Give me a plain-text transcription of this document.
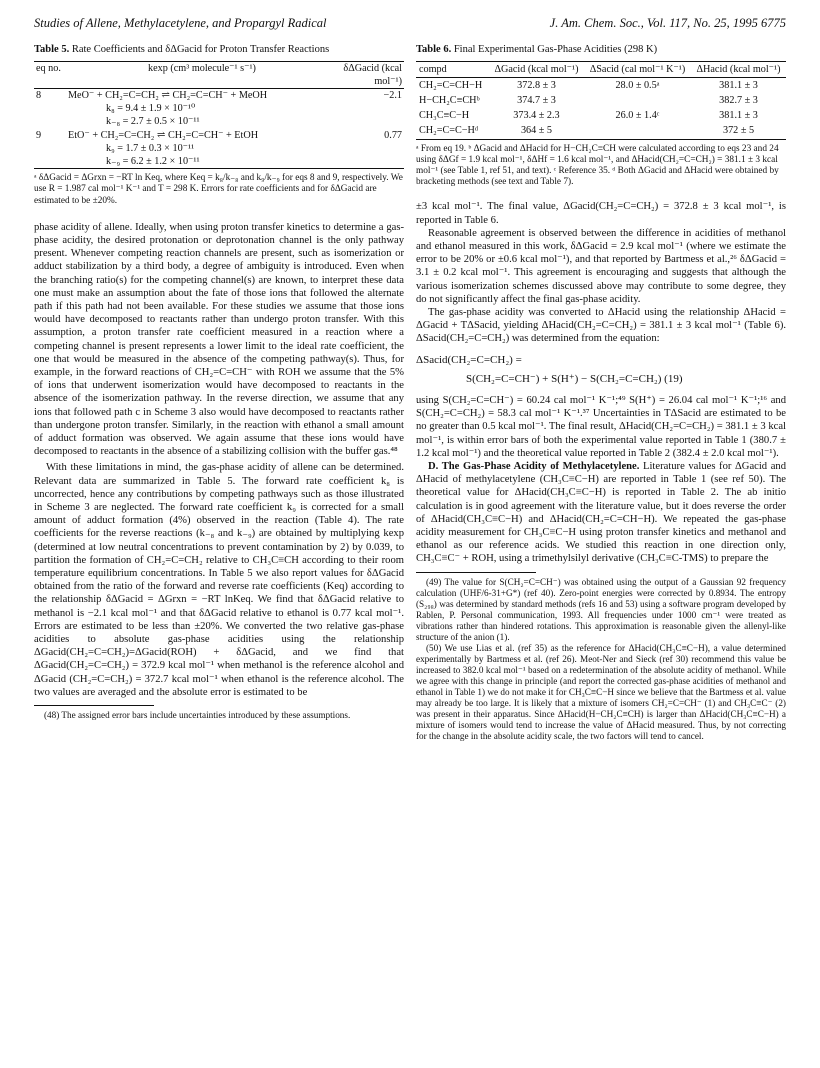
Studies of Allene, Methylacetylene, and Propargyl Radical	J. Am. Chem. Soc., Vol. 117, No. 25, 1995 6775
Table 5. Rate Coefficients and δΔGacid for Proton Transfer Reactions
eq no.	kexp (cm³ molecule⁻¹ s⁻¹)	δΔGacid (kcal mol⁻¹)
8	MeO⁻ + CH₂=C=CH₂ ⇌ CH₂=C=CH⁻ + MeOH	−2.1
	k₈ = 9.4 ± 1.9 × 10⁻¹⁰	
	k₋₈ = 2.7 ± 0.5 × 10⁻¹¹	
9	EtO⁻ + CH₂=C=CH₂ ⇌ CH₂=C=CH⁻ + EtOH	0.77
	k₉ = 1.7 ± 0.3 × 10⁻¹¹	
	k₋₉ = 6.2 ± 1.2 × 10⁻¹¹	
ᵃ δΔGacid = ΔGrxn = −RT ln Keq, where Keq = k₈/k₋₈ and k₉/k₋₉ for eqs 8 and 9, respectively. We use R = 1.987 cal mol⁻¹ K⁻¹ and T = 298 K. Errors for rate coefficients and for δΔGacid are estimated to be ±20%.

phase acidity of allene. Ideally, when using proton transfer kinetics to determine a gas-phase acidity, the desired protonation or deprotonation channel is the only pathway present. Whenever competing reaction channels are present, such as isomerization or adduct stabilization by a third body, a degree of ambiguity is introduced. Even when the branching ratio(s) for the competing channel(s) are known, to interpret these data one must make an assumption about the fate of those ions that followed the alternate path if this path had not been available. For these studies we assume that those ions would have decomposed to reactants rather than undergo proton transfer. With this assumption, a proton transfer rate coefficient measured in a reaction where a competing channel is present represents a lower limit to the ideal rate coefficient, the one that would be measured in the absence of the competing pathway(s). Thus, for example, in the forward reactions of CH₂=C=CH⁻ with ROH we assume that the 5% of ions that underwent isomerization would have decomposed to reactants in the absence of the isomerization pathway. In the reverse direction, we assume that any ions that followed path c in Scheme 3 also would have decomposed to reactants rather than undergone proton transfer. Similarly, in the reaction with ethanol a small amount of adduct formation was observed. We again assume that these ions would have decomposed to reactants in the absence of a stabilizing collision with the buffer gas.⁴⁸

With these limitations in mind, the gas-phase acidity of allene can be determined. Relevant data are summarized in Table 5. The forward rate coefficient k₈ is uncorrected, hence any contributions by competing pathways such as those illustrated in Scheme 3 are neglected. The forward rate coefficient k₉ is corrected for a small amount of adduct formation (4%) observed in the reaction (Table 4). The rate coefficients for the reverse reactions (k₋₈ and k₋₉) are obtained by multiplying kexp (determined at low neutral concentrations to prevent contamination by 2) by 0.039, to partition the formation of CH₂=C=CH₂ relative to CH₃C≡CH according to their room temperature equilibrium concentrations. In Table 5 we also report values for δΔGacid obtained from the ratio of the forward and reverse rate coefficients (Keq) according to the relationship δΔGacid = ΔGrxn = −RT lnKeq. We find that δΔGacid relative to methanol is −2.1 kcal mol⁻¹ and that δΔGacid relative to ethanol is 0.77 kcal mol⁻¹. Errors are estimated to be less than ±20%. We converted the two relative gas-phase acidities to absolute gas-phase acidities using the relationship ΔGacid(CH₂=C=CH₂)=ΔGacid(ROH) + δΔGacid, and we find that ΔGacid(CH₂=C=CH₂) = 372.9 kcal mol⁻¹ when methanol is the reference alcohol and ΔGacid (CH₂=C=CH₂) = 372.7 kcal mol⁻¹ when ethanol is the reference alcohol. The two values are averaged and the absolute error is estimated to be

(48) The assigned error bars include uncertainties introduced by these assumptions.

Table 6. Final Experimental Gas-Phase Acidities (298 K)
compd	ΔGacid (kcal mol⁻¹)	ΔSacid (cal mol⁻¹ K⁻¹)	ΔHacid (kcal mol⁻¹)
CH₂=C=CH−H	372.8 ± 3	28.0 ± 0.5ᵃ	381.1 ± 3
H−CH₂C≡CHᵇ	374.7 ± 3		382.7 ± 3
CH₃C≡C−H	373.4 ± 2.3	26.0 ± 1.4ᶜ	381.1 ± 3
CH₂=C=C−Hᵈ	364 ± 5		372 ± 5
ᵃ From eq 19. ᵇ ΔGacid and ΔHacid for H−CH₂C≡CH were calculated according to eqs 23 and 24 using δΔGf = 1.9 kcal mol⁻¹, δΔHf = 1.6 kcal mol⁻¹, and ΔHacid(CH₂=C=CH₂) = 381.1 ± 3 kcal mol⁻¹ (see Table 1, ref 51, and text). ᶜ Reference 35. ᵈ Both ΔGacid and ΔHacid were obtained by bracketing methods (see text and Table 7).

±3 kcal mol⁻¹. The final value, ΔGacid(CH₂=C=CH₂) = 372.8 ± 3 kcal mol⁻¹, is reported in Table 6.

Reasonable agreement is observed between the difference in acidities of methanol and ethanol measured in this work, δΔGacid = 2.9 kcal mol⁻¹ (where we estimate the error to be 20% or ±0.6 kcal mol⁻¹), and that reported by Bartmess et al.,²⁶ δΔGacid = 3.1 ± 0.2 kcal mol⁻¹. This agreement is encouraging and suggests that although the various isomerization schemes discussed above may contribute to some degree, they do not significantly affect the final gas-phase acidity.

The gas-phase acidity was converted to ΔHacid using the relationship ΔHacid = ΔGacid + TΔSacid, yielding ΔHacid(CH₂=C=CH₂) = 381.1 ± 3 kcal mol⁻¹ (Table 6). ΔSacid(CH₂=C=CH₂) was determined from the equation:

ΔSacid(CH₂=C=CH₂) =
S(CH₂=C=CH⁻) + S(H⁺) − S(CH₂=C=CH₂) (19)

using S(CH₂=C=CH⁻) = 60.24 cal mol⁻¹ K⁻¹;⁴⁹ S(H⁺) = 26.04 cal mol⁻¹ K⁻¹;¹⁶ and S(CH₂=C=CH₂) = 58.3 cal mol⁻¹ K⁻¹.³⁷ Uncertainties in TΔSacid are estimated to be no greater than 0.5 kcal mol⁻¹. The final result, ΔHacid(CH₂=C=CH₂) = 381.1 ± 3 kcal mol⁻¹, is within error bars of both the experimental value reported in Table 1 (380.7 ± 1.2 kcal mol⁻¹) and the theoretical value reported in Table 2 (382.4 ± 2.0 kcal mol⁻¹).

D. The Gas-Phase Acidity of Methylacetylene. Literature values for ΔGacid and ΔHacid of methylacetylene (CH₃C≡C−H) are reported in Table 1 (see ref 50). The theoretical value for ΔHacid(CH₃C≡C−H) is reported in Table 2. The ab initio calculation is in good agreement with the literature value, but it does reverse the order of ΔHacid(CH₃C≡C−H) and ΔHacid(CH₂=C=CH−H). We repeated the gas-phase acidity measurement for CH₃C≡C−H using proton transfer kinetics and methanol and ethanol as our reference acids. We studied this reaction in one direction only, CH₃C≡C⁻ + ROH, using a trimethylsilyl derivative (CH₃C≡C-TMS) to prepare the

(49) The value for S(CH₂=C=CH⁻) was obtained using the output of a Gaussian 92 frequency calculation (UHF/6-31+G*) (ref 40). Zero-point energies were corrected by 0.8934. The entropy (S₂₉₈) was determined by standard methods (refs 16 and 53) using a software program developed by Rablen, P. Personal communication, 1993. All frequencies under 1000 cm⁻¹ were treated as vibrations rather than hindered rotations. This approximation is reasonable given the allenyl-like structure of the anion (1).

(50) We use Lias et al. (ref 35) as the reference for ΔHacid(CH₃C≡C−H), a value determined experimentally by Bartmess et al. (ref 26). Meot-Ner and Sieck (ref 30) recommend this value be increased to 382.0 kcal mol⁻¹ based on a redetermination of the absolute acidity of methanol. While we agree with this change in principle (and report the corrected gas-phase acidities of methanol and ethanol in Table 1) we do not make it for CH₃C≡C−H since we believe that the Bartmess et al. value may already be too large. It is likely that a mixture of isomers CH₂=C=CH⁻ (1) and CH₃C≡C⁻ (2) was present in their apparatus. Since ΔHacid(H−CH₂C≡CH) is larger than ΔHacid(CH₃C≡C−H) a mixture of isomers would tend to increase the value of ΔHacid measured. Thus, by not correcting for the change in the absolute acidity scale, the two factors will tend to cancel.
